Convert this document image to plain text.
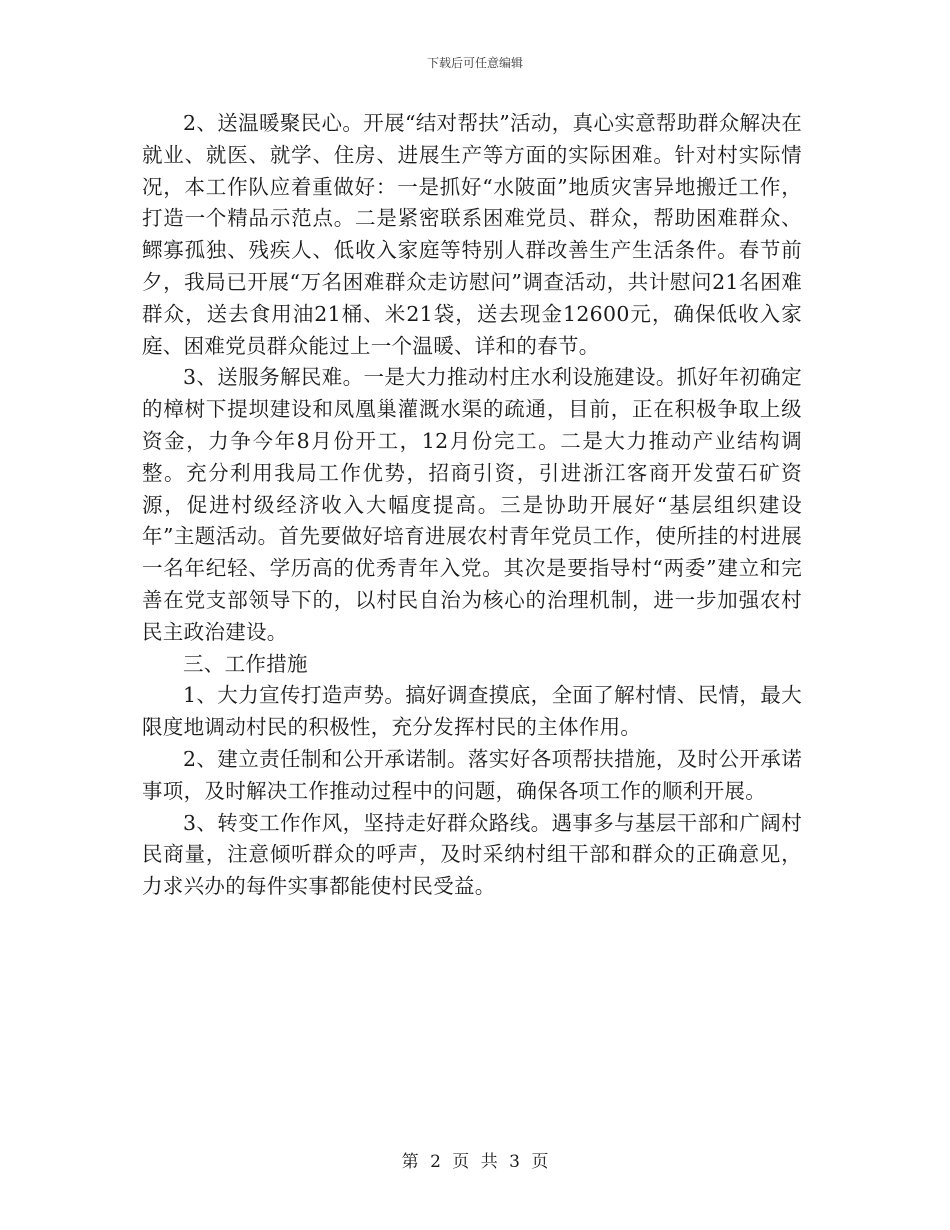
下载后可任意编辑

2、送温暖聚民心。开展“结对帮扶”活动，真心实意帮助群众解决在就业、就医、就学、住房、进展生产等方面的实际困难。针对村实际情况，本工作队应着重做好：一是抓好“水陂面”地质灾害异地搬迁工作，打造一个精品示范点。二是紧密联系困难党员、群众，帮助困难群众、鳏寡孤独、残疾人、低收入家庭等特别人群改善生产生活条件。春节前夕，我局已开展“万名困难群众走访慰问”调查活动，共计慰问21名困难群众，送去食用油21桶、米21袋，送去现金12600元，确保低收入家庭、困难党员群众能过上一个温暖、详和的春节。

3、送服务解民难。一是大力推动村庄水利设施建设。抓好年初确定的樟树下提坝建设和凤凰巢灌溉水渠的疏通，目前，正在积极争取上级资金，力争今年8月份开工，12月份完工。二是大力推动产业结构调整。充分利用我局工作优势，招商引资，引进浙江客商开发萤石矿资源，促进村级经济收入大幅度提高。三是协助开展好“基层组织建设年”主题活动。首先要做好培育进展农村青年党员工作，使所挂的村进展一名年纪轻、学历高的优秀青年入党。其次是要指导村“两委”建立和完善在党支部领导下的，以村民自治为核心的治理机制，进一步加强农村民主政治建设。

三、工作措施

1、大力宣传打造声势。搞好调查摸底，全面了解村情、民情，最大限度地调动村民的积极性，充分发挥村民的主体作用。

2、建立责任制和公开承诺制。落实好各项帮扶措施，及时公开承诺事项，及时解决工作推动过程中的问题，确保各项工作的顺利开展。

3、转变工作作风，坚持走好群众路线。遇事多与基层干部和广阔村民商量，注意倾听群众的呼声，及时采纳村组干部和群众的正确意见，力求兴办的每件实事都能使村民受益。

第 2 页 共 3 页
